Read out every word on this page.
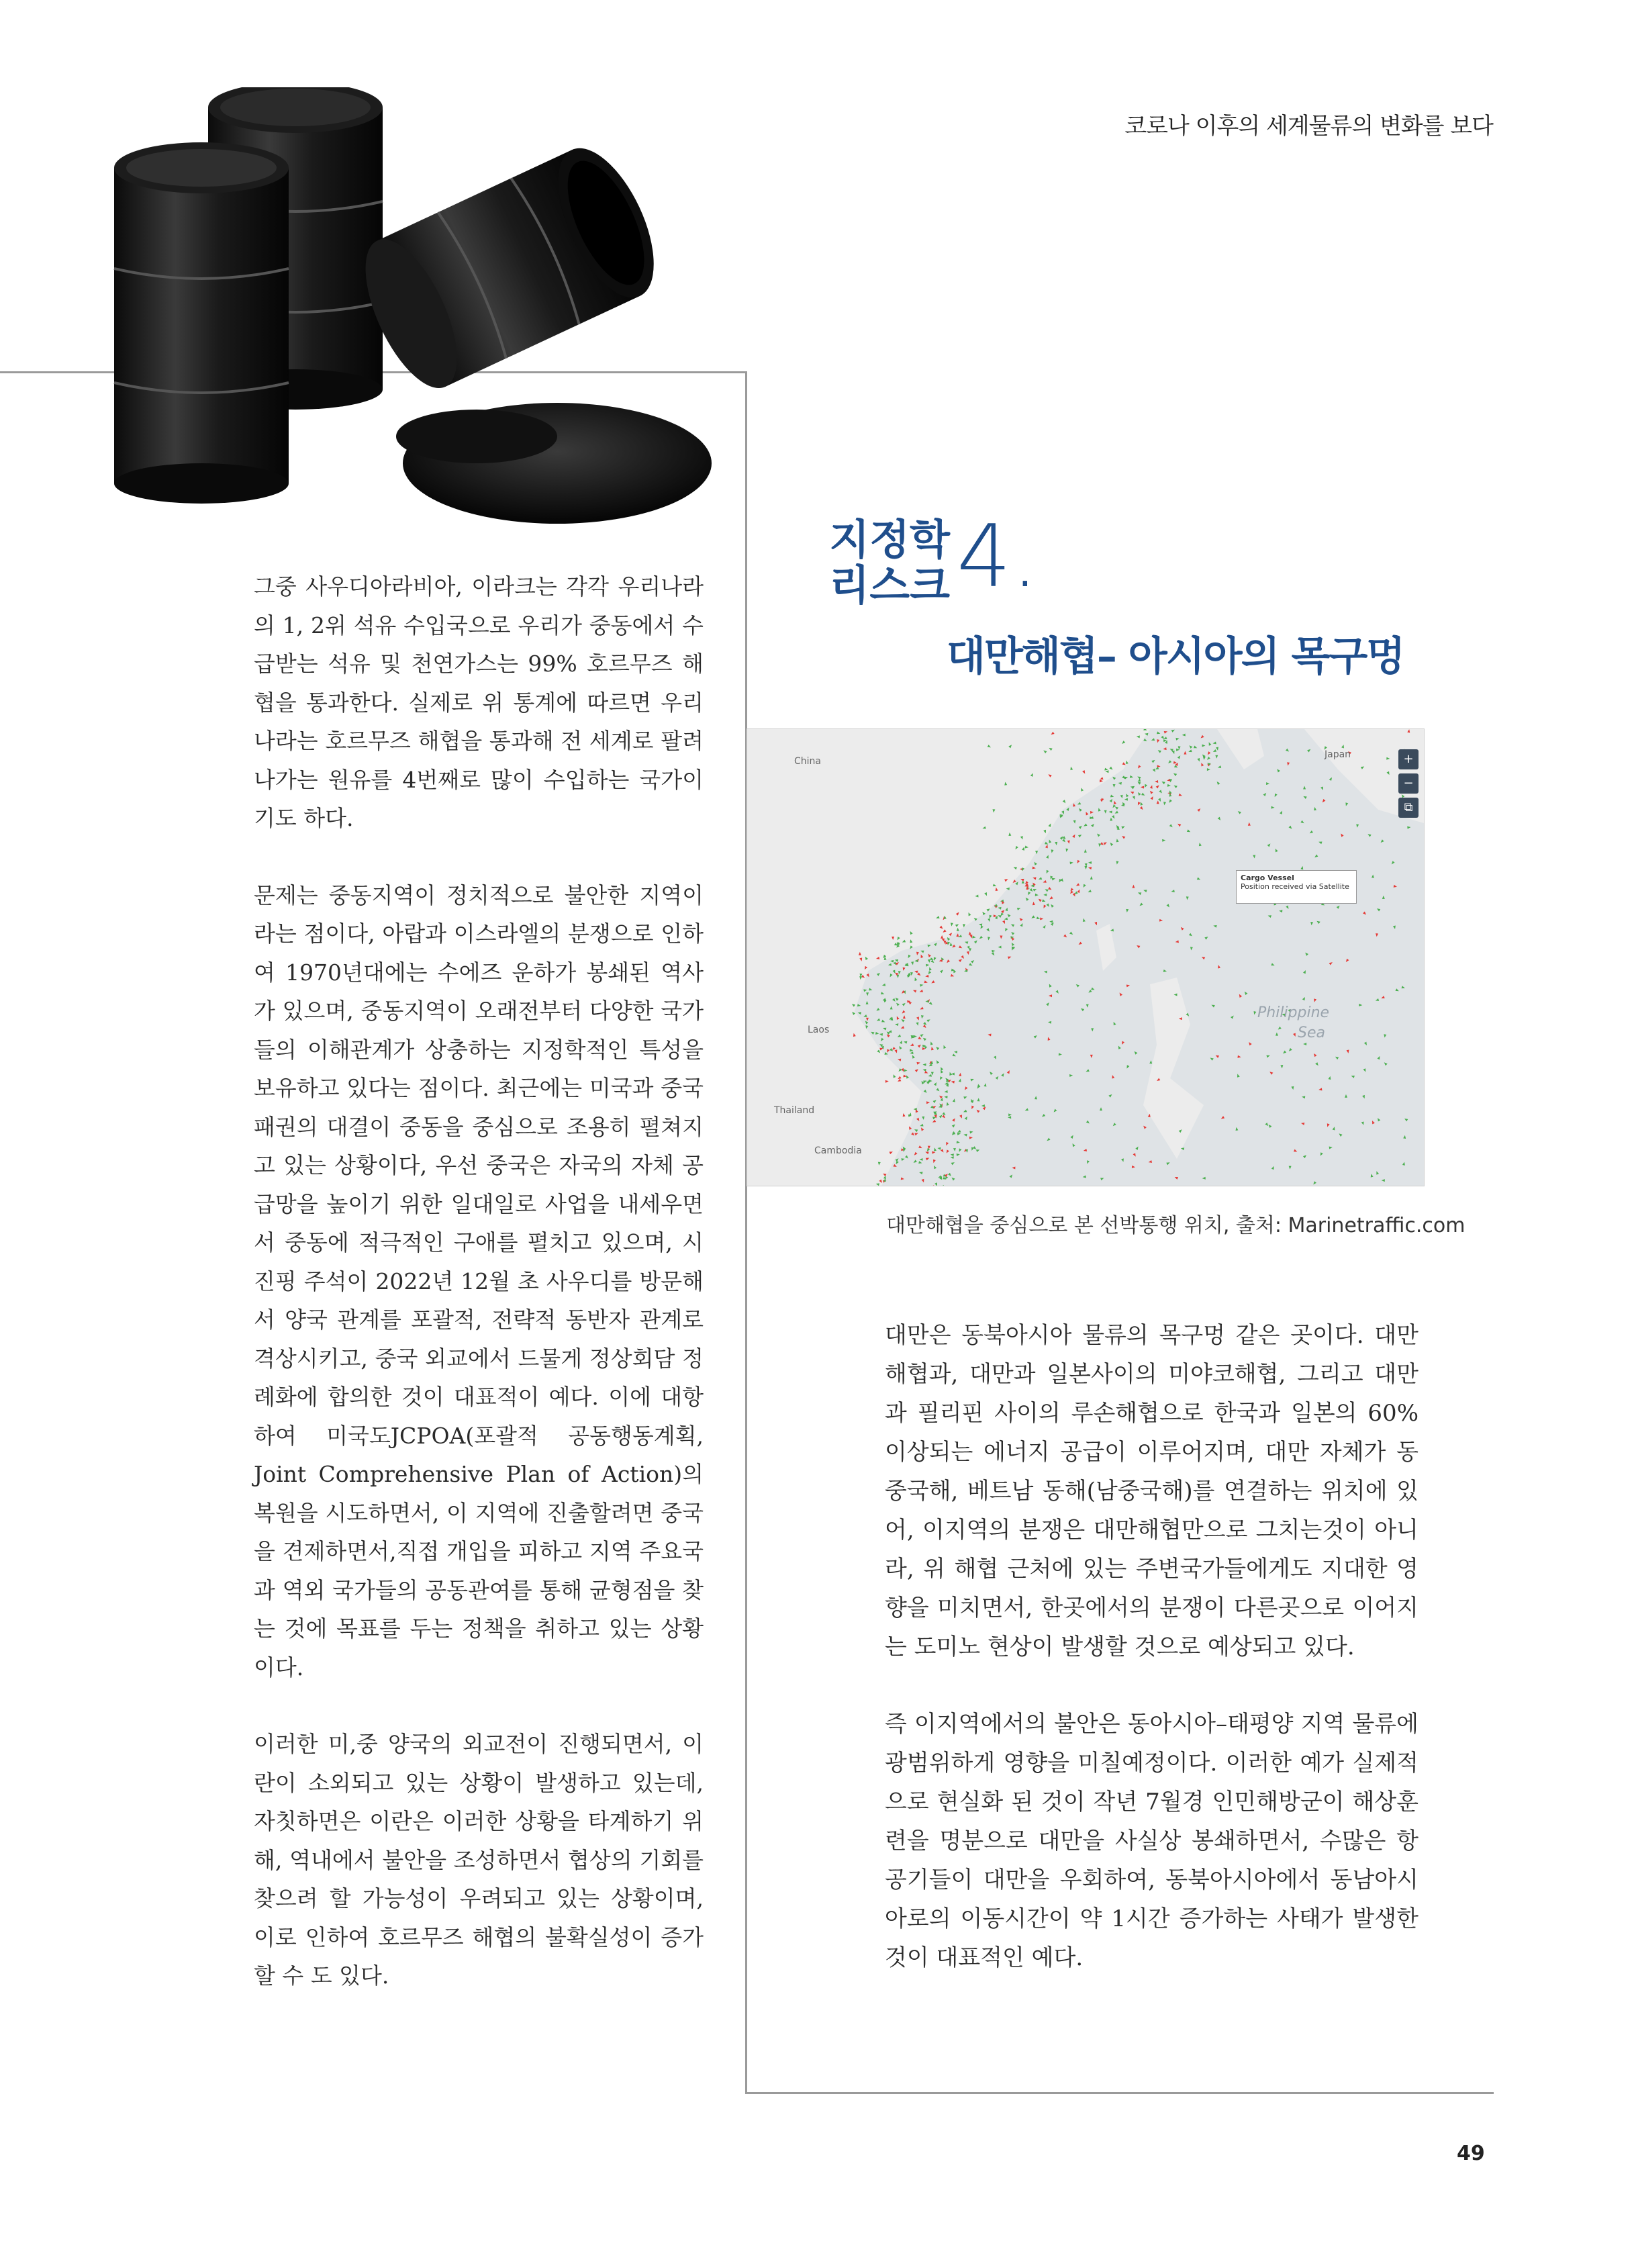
코로나 이후의 세계물류의 변화를 보다
지정학
리스크 4.
대만해협– 아시아의 목구멍
China
Japan
Laos
Thailand
Cambodia
Philippine
Sea
Cargo Vessel
Position received via Satellite
+
−
⧉
대만해협을 중심으로 본 선박통행 위치, 출처: Marinetraffic.com

그중 사우디아라비아, 이라크는 각각 우리나라의 1, 2위 석유 수입국으로 우리가 중동에서 수급받는 석유 및 천연가스는 99% 호르무즈 해협을 통과한다. 실제로 위 통계에 따르면 우리나라는 호르무즈 해협을 통과해 전 세계로 팔려나가는 원유를 4번째로 많이 수입하는 국가이기도 하다.

문제는 중동지역이 정치적으로 불안한 지역이라는 점이다, 아랍과 이스라엘의 분쟁으로 인하여 1970년대에는 수에즈 운하가 봉쇄된 역사가 있으며, 중동지역이 오래전부터 다양한 국가들의 이해관계가 상충하는 지정학적인 특성을 보유하고 있다는 점이다. 최근에는 미국과 중국패권의 대결이 중동을 중심으로 조용히 펼쳐지고 있는 상황이다, 우선 중국은 자국의 자체 공급망을 높이기 위한 일대일로 사업을 내세우면서 중동에 적극적인 구애를 펼치고 있으며, 시진핑 주석이 2022년 12월 초 사우디를 방문해서 양국 관계를 포괄적, 전략적 동반자 관계로 격상시키고, 중국 외교에서 드물게 정상회담 정례화에 합의한 것이 대표적이 예다. 이에 대항하여 미국도JCPOA(포괄적 공동행동계획, Joint Comprehensive Plan of Action)의 복원을 시도하면서, 이 지역에 진출할려면 중국을 견제하면서,직접 개입을 피하고 지역 주요국과 역외 국가들의 공동관여를 통해 균형점을 찾는 것에 목표를 두는 정책을 취하고 있는 상황이다.

이러한 미,중 양국의 외교전이 진행되면서, 이란이 소외되고 있는 상황이 발생하고 있는데, 자칫하면은 이란은 이러한 상황을 타계하기 위해, 역내에서 불안을 조성하면서 협상의 기회를 찾으려 할 가능성이 우려되고 있는 상황이며, 이로 인하여 호르무즈 해협의 불확실성이 증가할 수 도 있다.

대만은 동북아시아 물류의 목구멍 같은 곳이다. 대만해협과, 대만과 일본사이의 미야코해협, 그리고 대만과 필리핀 사이의 루손해협으로 한국과 일본의 60%이상되는 에너지 공급이 이루어지며, 대만 자체가 동중국해, 베트남 동해(남중국해)를 연결하는 위치에 있어, 이지역의 분쟁은 대만해협만으로 그치는것이 아니라, 위 해협 근처에 있는 주변국가들에게도 지대한 영향을 미치면서, 한곳에서의 분쟁이 다른곳으로 이어지는 도미노 현상이 발생할 것으로 예상되고 있다.

즉 이지역에서의 불안은 동아시아–태평양 지역 물류에 광범위하게 영향을 미칠예정이다. 이러한 예가 실제적으로 현실화 된 것이 작년 7월경 인민해방군이 해상훈련을 명분으로 대만을 사실상 봉쇄하면서, 수많은 항공기들이 대만을 우회하여, 동북아시아에서 동남아시아로의 이동시간이 약 1시간 증가하는 사태가 발생한 것이 대표적인 예다.

49
